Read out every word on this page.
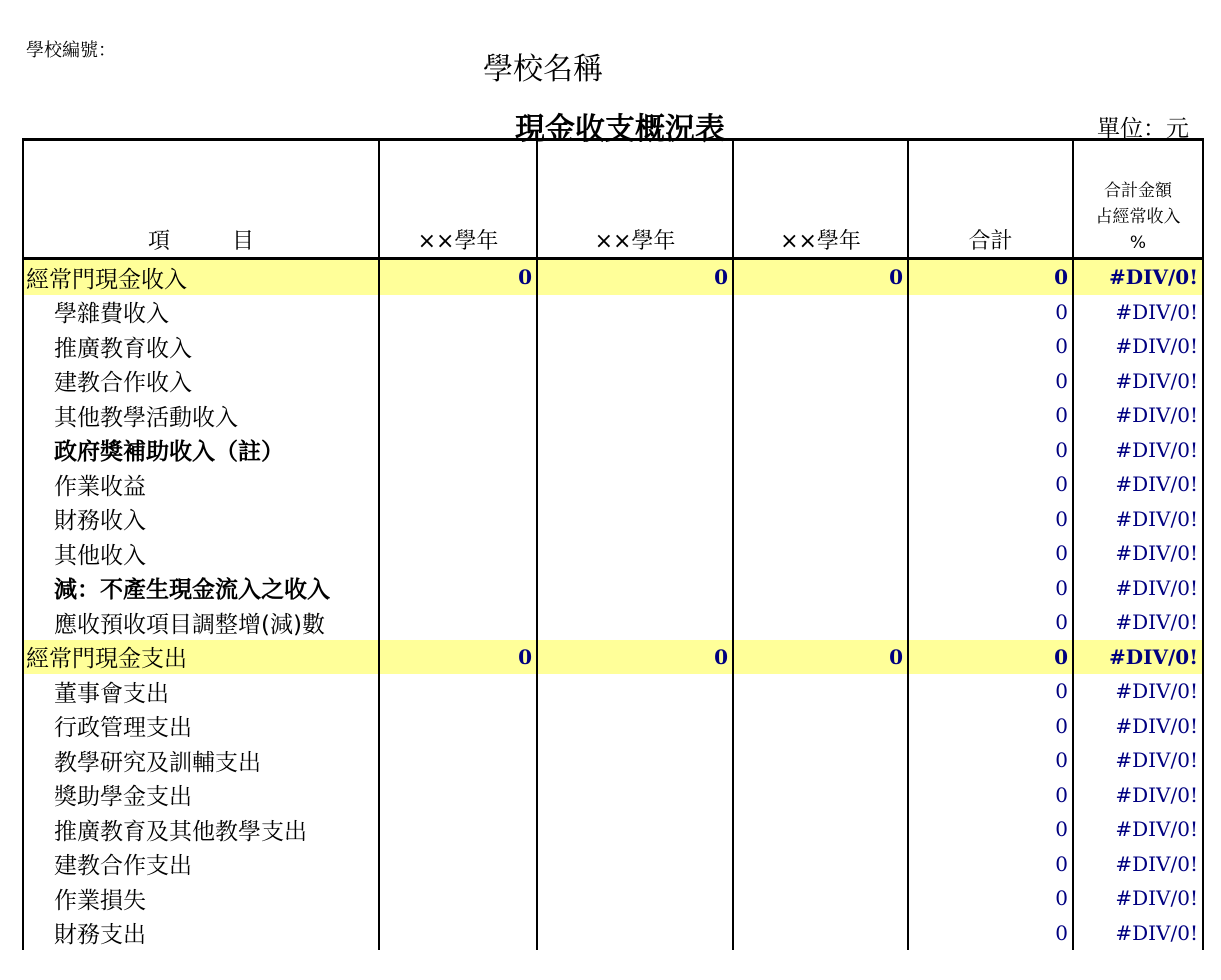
學校編號：
學校名稱
現金收支概況表	單位：元
項 目	××學年	××學年	××學年	合計	合計金額
占經常收入
%
經常門現金收入	0	0	0	0	#DIV/0!
學雜費收入				0	#DIV/0!
推廣教育收入				0	#DIV/0!
建教合作收入				0	#DIV/0!
其他教學活動收入				0	#DIV/0!
政府獎補助收入（註）				0	#DIV/0!
作業收益				0	#DIV/0!
財務收入				0	#DIV/0!
其他收入				0	#DIV/0!
減：不產生現金流入之收入				0	#DIV/0!
應收預收項目調整增(減)數				0	#DIV/0!
經常門現金支出	0	0	0	0	#DIV/0!
董事會支出				0	#DIV/0!
行政管理支出				0	#DIV/0!
教學研究及訓輔支出				0	#DIV/0!
獎助學金支出				0	#DIV/0!
推廣教育及其他教學支出				0	#DIV/0!
建教合作支出				0	#DIV/0!
作業損失				0	#DIV/0!
財務支出				0	#DIV/0!
